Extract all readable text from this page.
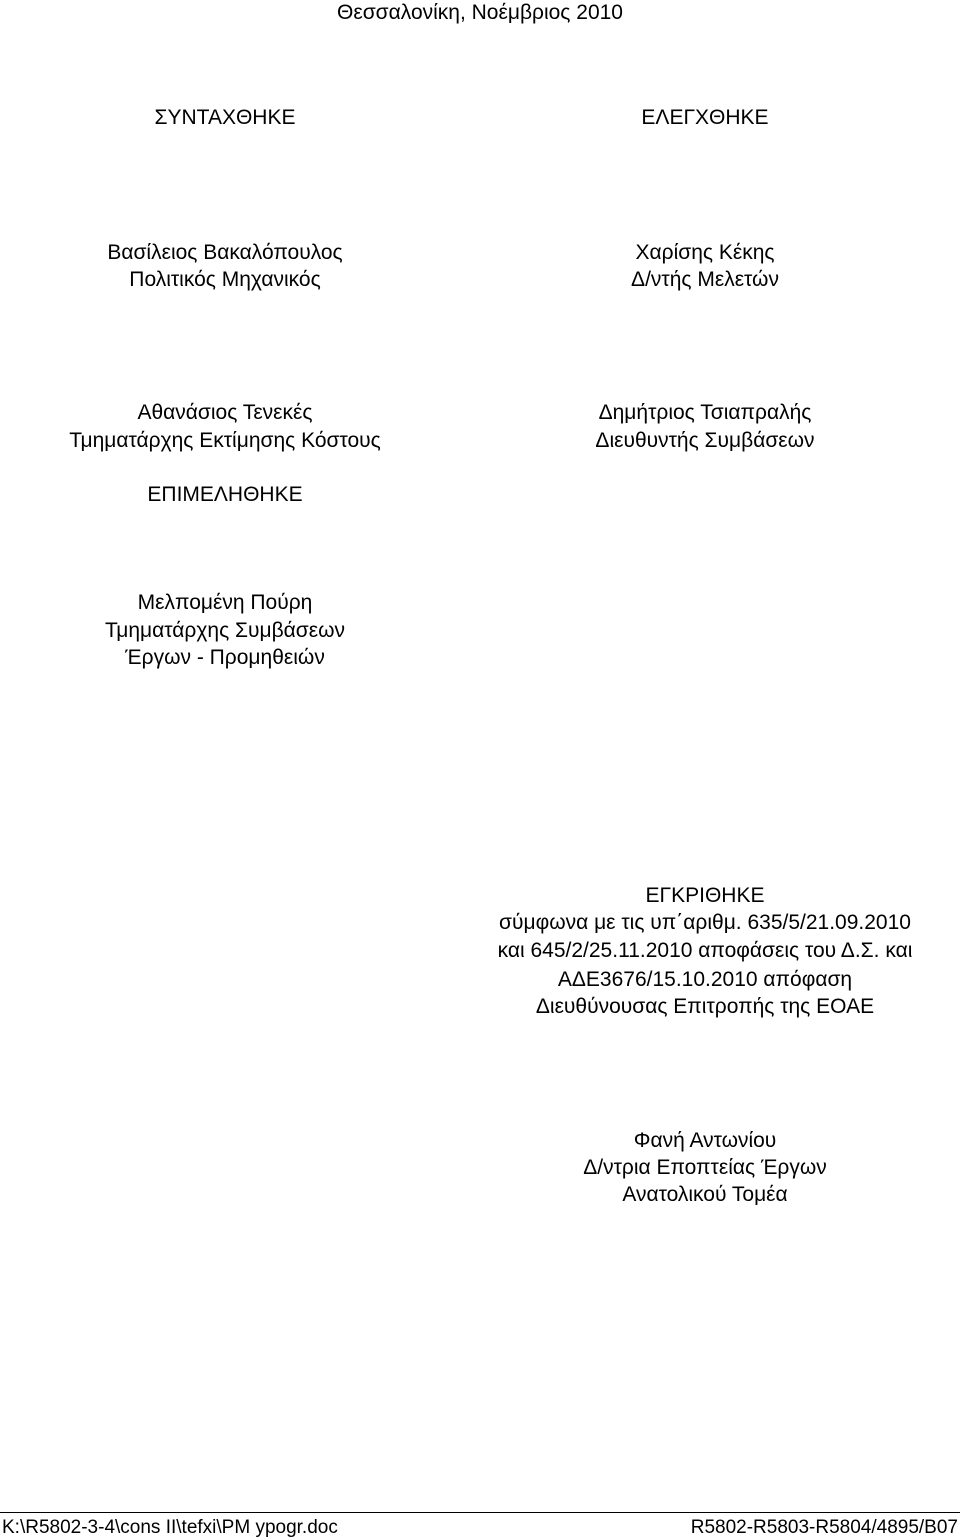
Θεσσαλονίκη, Νοέμβριος 2010
ΣΥΝΤΑΧΘΗΚΕ
Βασίλειος Βακαλόπουλος
Πολιτικός Μηχανικός
Αθανάσιος Τενεκές
Τμηματάρχης Εκτίμησης Κόστους
ΕΠΙΜΕΛΗΘΗΚΕ
Μελπομένη Πούρη
Τμηματάρχης Συμβάσεων
Έργων - Προμηθειών
ΕΛΕΓΧΘΗΚΕ
Χαρίσης Κέκης
Δ/ντής Μελετών
Δημήτριος Τσιαπραλής
Διευθυντής Συμβάσεων
ΕΓΚΡΙΘΗΚΕ
σύμφωνα με τις υπ΄αριθμ. 635/5/21.09.2010
και 645/2/25.11.2010 αποφάσεις του Δ.Σ. και
ΑΔΕ3676/15.10.2010 απόφαση
Διευθύνουσας Επιτροπής της ΕΟΑΕ
Φανή Αντωνίου
Δ/ντρια Εποπτείας Έργων
Ανατολικού Τομέα
K:\R5802-3-4\cons II\tefxi\PM ypogr.doc	R5802-R5803-R5804/4895/B07
